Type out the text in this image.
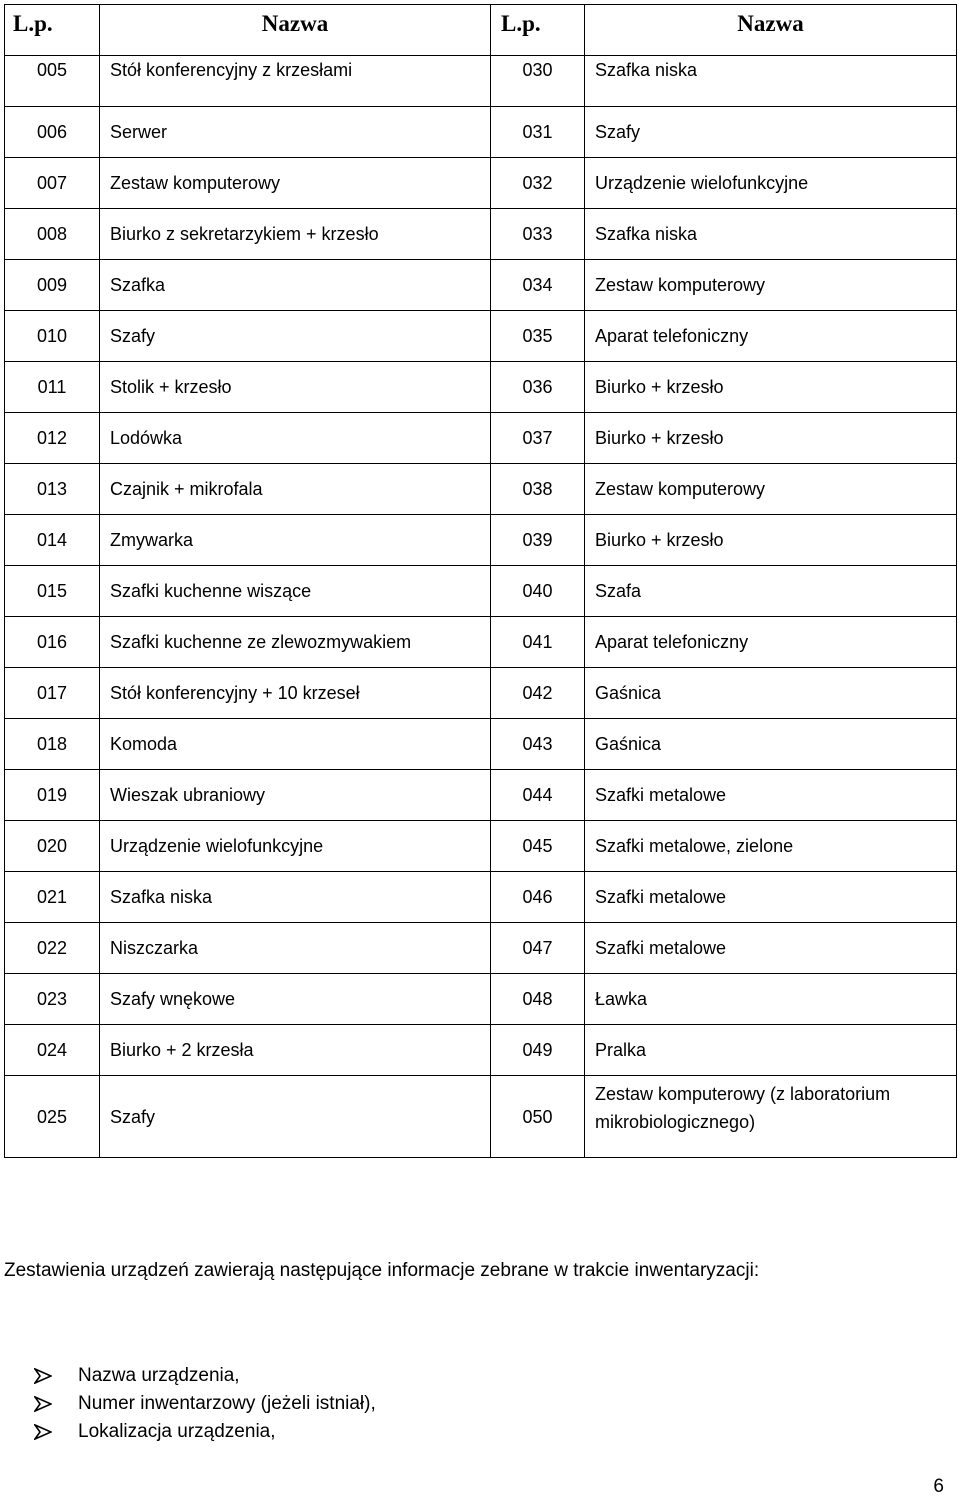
L.p.	Nazwa	L.p.	Nazwa
005	Stół konferencyjny z krzesłami	030	Szafka niska
006	Serwer	031	Szafy
007	Zestaw komputerowy	032	Urządzenie wielofunkcyjne
008	Biurko z sekretarzykiem + krzesło	033	Szafka niska
009	Szafka	034	Zestaw komputerowy
010	Szafy	035	Aparat telefoniczny
011	Stolik + krzesło	036	Biurko + krzesło
012	Lodówka	037	Biurko + krzesło
013	Czajnik + mikrofala	038	Zestaw komputerowy
014	Zmywarka	039	Biurko + krzesło
015	Szafki kuchenne wiszące	040	Szafa
016	Szafki kuchenne ze zlewozmywakiem	041	Aparat telefoniczny
017	Stół konferencyjny + 10 krzeseł	042	Gaśnica
018	Komoda	043	Gaśnica
019	Wieszak ubraniowy	044	Szafki metalowe
020	Urządzenie wielofunkcyjne	045	Szafki metalowe, zielone
021	Szafka niska	046	Szafki metalowe
022	Niszczarka	047	Szafki metalowe
023	Szafy wnękowe	048	Ławka
024	Biurko + 2 krzesła	049	Pralka
025	Szafy	050	Zestaw komputerowy (z laboratorium
mikrobiologicznego)
Zestawienia urządzeń zawierają następujące informacje zebrane w trakcie inwentaryzacji:
Nazwa urządzenia,
Numer inwentarzowy (jeżeli istniał),
Lokalizacja urządzenia,
6
